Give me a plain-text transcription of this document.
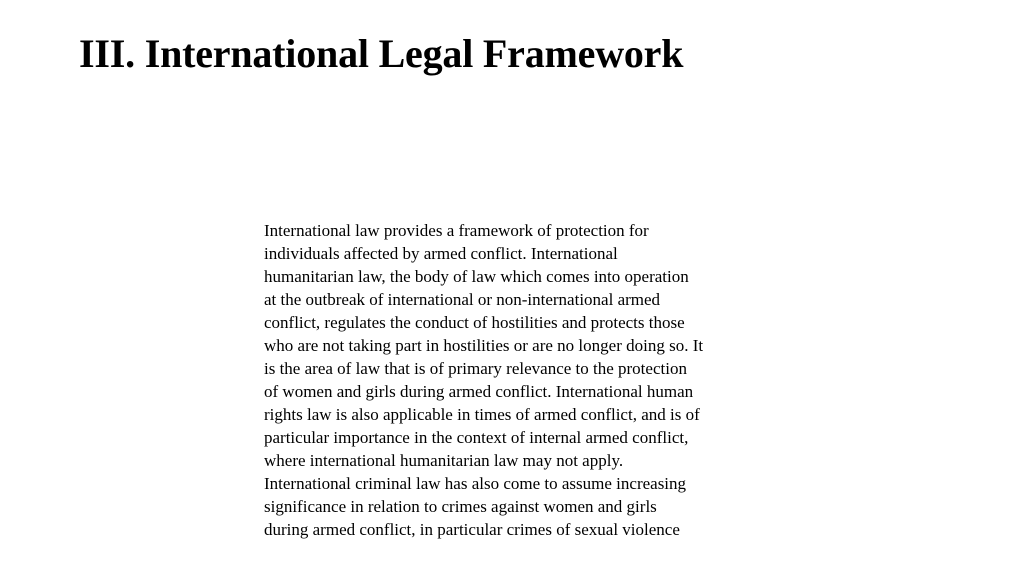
III. International Legal Framework

International law provides a framework of protection for
individuals affected by armed conflict. International
humanitarian law, the body of law which comes into operation
at the outbreak of international or non-international armed
conflict, regulates the conduct of hostilities and protects those
who are not taking part in hostilities or are no longer doing so. It
is the area of law that is of primary relevance to the protection
of women and girls during armed conflict. International human
rights law is also applicable in times of armed conflict, and is of
particular importance in the context of internal armed conflict,
where international humanitarian law may not apply.
International criminal law has also come to assume increasing
significance in relation to crimes against women and girls
during armed conflict, in particular crimes of sexual violence
